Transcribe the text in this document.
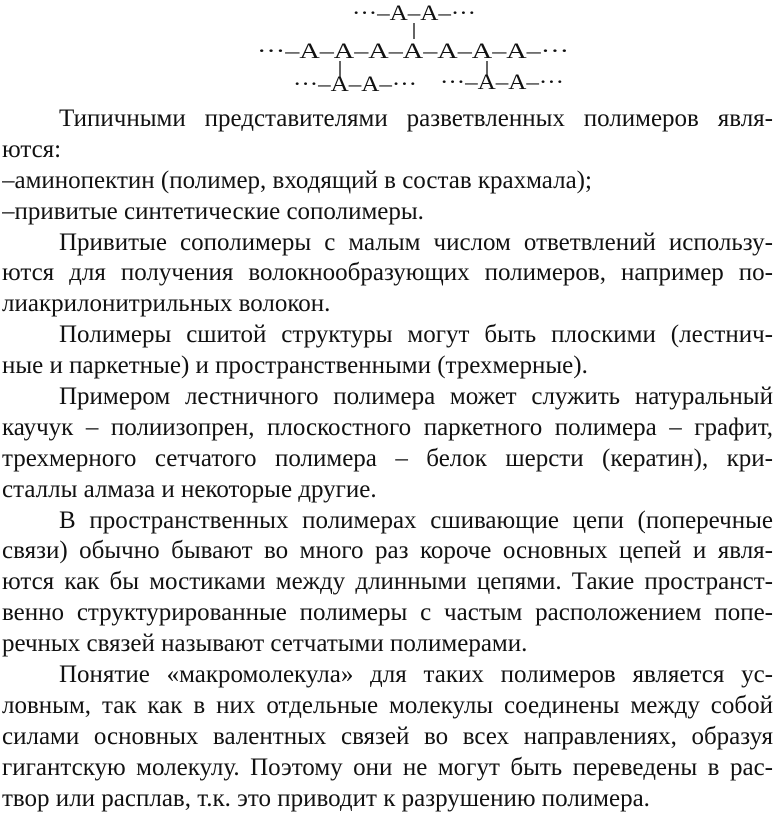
···–A–A–···
···–A–A–A–A–A–A–A–···
···–A–A–··· ···–A–A–···
Типичными представителями разветвленных полимеров явля-
ются:
–аминопектин (полимер, входящий в состав крахмала);
–привитые синтетические сополимеры.
Привитые сополимеры с малым числом ответвлений использу-
ются для получения волокнообразующих полимеров, например по-
лиакрилонитрильных волокон.
Полимеры сшитой структуры могут быть плоскими (лестнич-
ные и паркетные) и пространственными (трехмерные).
Примером лестничного полимера может служить натуральный
каучук – полиизопрен, плоскостного паркетного полимера – графит,
трехмерного сетчатого полимера – белок шерсти (кератин), кри-
сталлы алмаза и некоторые другие.
В пространственных полимерах сшивающие цепи (поперечные
связи) обычно бывают во много раз короче основных цепей и явля-
ются как бы мостиками между длинными цепями. Такие пространст-
венно структурированные полимеры с частым расположением попе-
речных связей называют сетчатыми полимерами.
Понятие «макромолекула» для таких полимеров является ус-
ловным, так как в них отдельные молекулы соединены между собой
силами основных валентных связей во всех направлениях, образуя
гигантскую молекулу. Поэтому они не могут быть переведены в рас-
твор или расплав, т.к. это приводит к разрушению полимера.
